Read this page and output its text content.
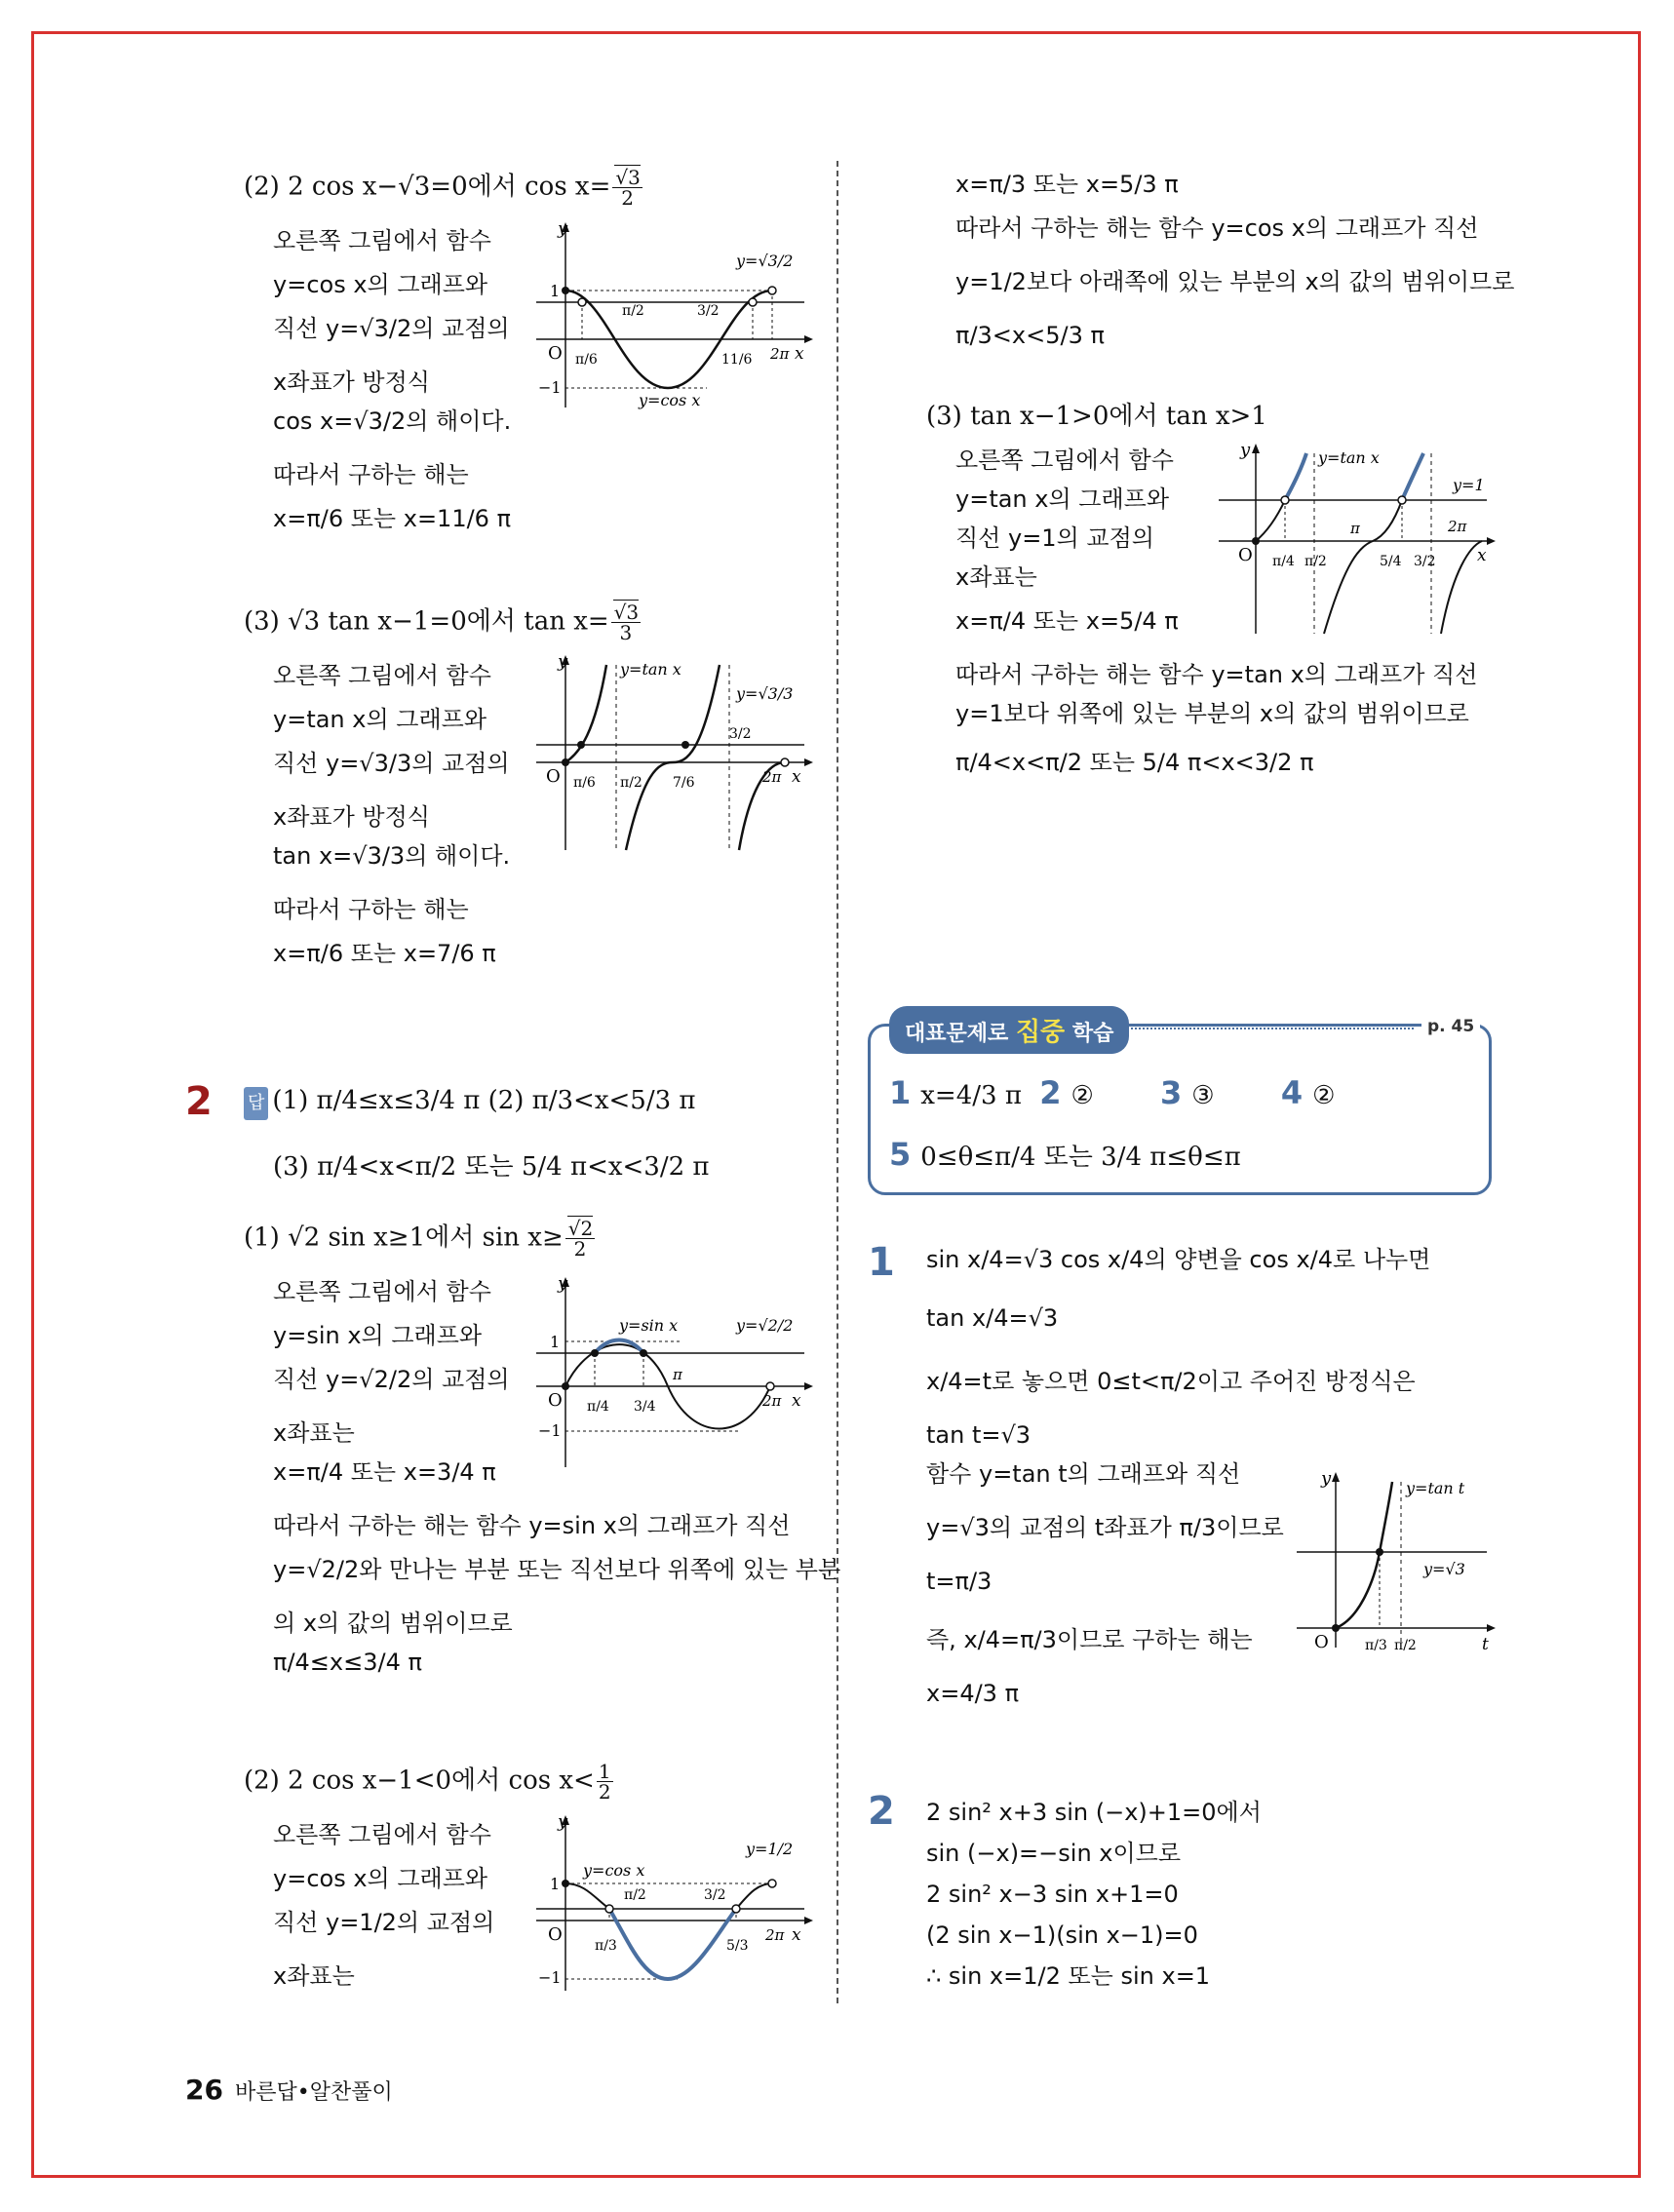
(2) 2 cos x−√3=0에서 $\cos x= \frac{√3}{2}$
오른쪽 그림에서 함수
y=cos x의 그래프와
직선 y=√3/2의 교점의
x좌표가 방정식
cos x=√3/2의 해이다.
따라서 구하는 해는
x=π/6 또는 x=11/6 π
y
O
1
−1
y=cos x
y=√3/2
π/6	11/6
π/2	3/2
2π x
(3) √3 tan x−1=0에서 $\tan x= \frac{√3}{3}$
오른쪽 그림에서 함수
y=tan x의 그래프와
직선 y=√3/3의 교점의
x좌표가 방정식
tan x=√3/3의 해이다.
따라서 구하는 해는
x=π/6 또는 x=7/6 π
y
O
y=tan x
y=√3/3
π/6 π/2 7/6
3/2
2π x
2 답 (1) π/4≤x≤3/4 π (2) π/3<x<5/3 π
(3) π/4<x<π/2 또는 5/4 π<x<3/2 π
(1) √2 sin x≥1에서 $\sin x\ge \frac{√2}{2}$
오른쪽 그림에서 함수
y=sin x의 그래프와
직선 y=√2/2의 교점의
x좌표는
x=π/4 또는 x=3/4 π
따라서 구하는 해는 함수 y=sin x의 그래프가 직선
y=√2/2와 만나는 부분 또는 직선보다 위쪽에 있는 부분
의 x의 값의 범위이므로
π/4≤x≤3/4 π
y
O
1
−1
y=sin x	y=√2/2
π/4 3/4
π
2π x
(2) 2 cos x−1<0에서 $\cos x< \frac{1}{2}$
오른쪽 그림에서 함수
y=cos x의 그래프와
직선 y=1/2의 교점의
x좌표는
y
O
1
−1
y=cos x
y=1/2
π/3	5/3
π/2	3/2
2π x
x=π/3 또는 x=5/3 π
따라서 구하는 해는 함수 y=cos x의 그래프가 직선
y=1/2보다 아래쪽에 있는 부분의 x의 값의 범위이므로
π/3<x<5/3 π
(3) tan x−1>0에서 tan x>1
오른쪽 그림에서 함수
y=tan x의 그래프와
직선 y=1의 교점의
x좌표는
x=π/4 또는 x=5/4 π
따라서 구하는 해는 함수 y=tan x의 그래프가 직선
y=1보다 위쪽에 있는 부분의 x의 값의 범위이므로
π/4<x<π/2 또는 5/4 π<x<3/2 π
y
O
y=tan x
y=1
π/4 π/2
π
5/4 3/2
2π
x
대표문제로 집중 학습	p. 45
1 x=4/3 π 2 ② 3 ③ 4 ②
5 0≤θ≤π/4 또는 3/4 π≤θ≤π
1 sin x/4=√3 cos x/4의 양변을 cos x/4로 나누면
tan x/4=√3
x/4=t로 놓으면 0≤t<π/2이고 주어진 방정식은
tan t=√3
함수 y=tan t의 그래프와 직선
y=√3의 교점의 t좌표가 π/3이므로
t=π/3
즉, x/4=π/3이므로 구하는 해는
x=4/3 π
y
O
y=tan t
y=√3
π/3 π/2	t
2 2 sin² x+3 sin (−x)+1=0에서
sin (−x)=−sin x이므로
2 sin² x−3 sin x+1=0
(2 sin x−1)(sin x−1)=0
∴ sin x=1/2 또는 sin x=1
26 바른답•알찬풀이
